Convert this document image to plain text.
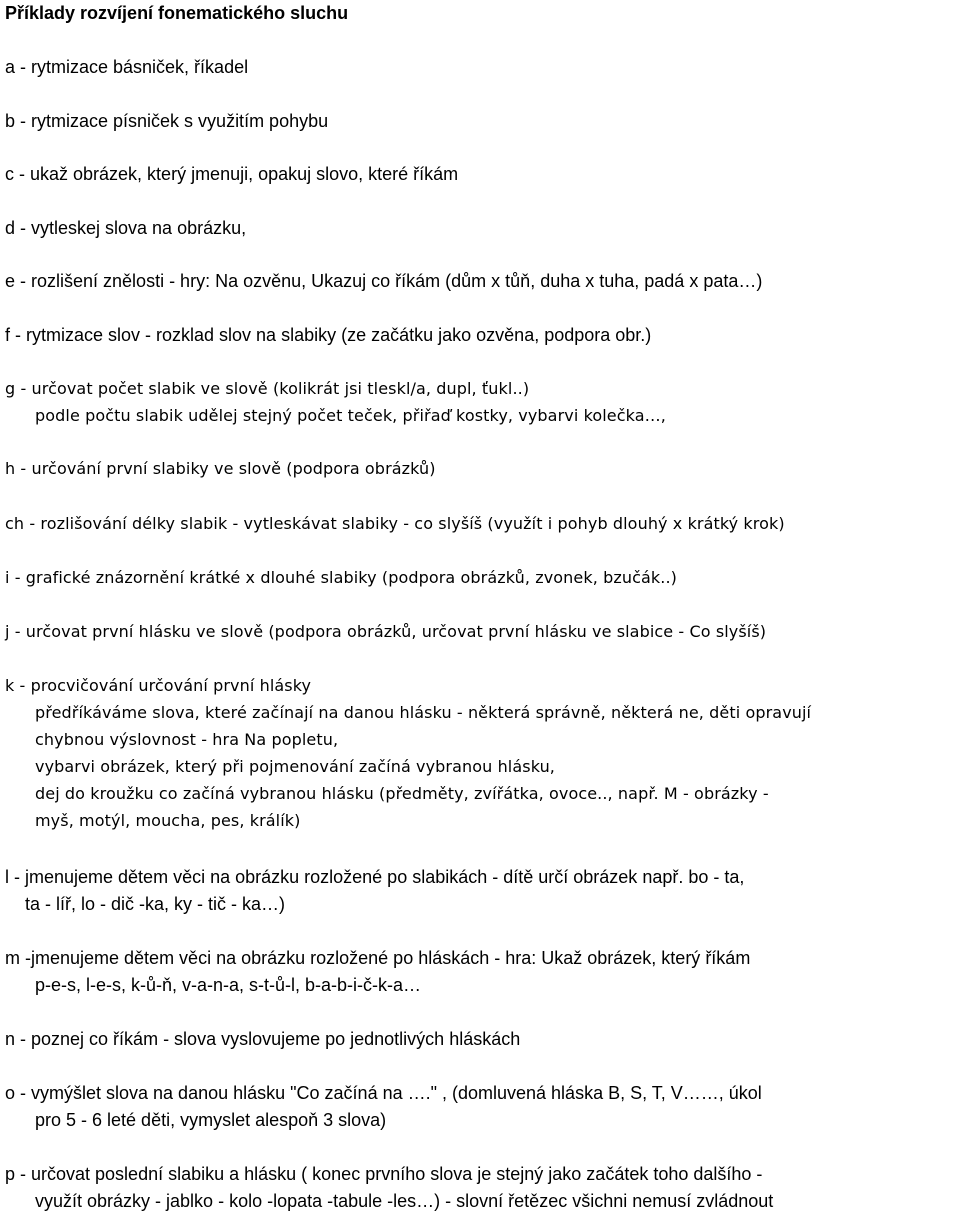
Příklady rozvíjení fonematického sluchu
a - rytmizace básniček, říkadel
b - rytmizace písniček s využitím pohybu
c - ukaž obrázek, který jmenuji, opakuj slovo, které říkám
d - vytleskej slova na obrázku,
e - rozlišení znělosti - hry: Na ozvěnu, Ukazuj co říkám (dům x tůň, duha x tuha, padá x pata…)
f - rytmizace slov - rozklad slov na slabiky (ze začátku jako ozvěna, podpora obr.)
g - určovat počet slabik ve slově (kolikrát jsi tleskl/a, dupl, ťukl..)
podle počtu slabik udělej stejný počet teček, přiřaď kostky, vybarvi kolečka…,
h - určování první slabiky ve slově (podpora obrázků)
ch - rozlišování délky slabik - vytleskávat slabiky - co slyšíš (využít i pohyb dlouhý x krátký krok)
i - grafické znázornění krátké x dlouhé slabiky (podpora obrázků, zvonek, bzučák..)
j - určovat první hlásku ve slově (podpora obrázků, určovat první hlásku ve slabice - Co slyšíš)
k - procvičování určování první hlásky
předříkáváme slova, které začínají na danou hlásku - některá správně, některá ne, děti opravují
chybnou výslovnost - hra Na popletu,
vybarvi obrázek, který při pojmenování začíná vybranou hlásku,
dej do kroužku co začíná vybranou hlásku (předměty, zvířátka, ovoce.., např. M - obrázky -
myš, motýl, moucha, pes, králík)
l - jmenujeme dětem věci na obrázku rozložené po slabikách - dítě určí obrázek např. bo - ta,
ta - líř, lo - dič -ka, ky - tič - ka…)
m -jmenujeme dětem věci na obrázku rozložené po hláskách - hra: Ukaž obrázek, který říkám
p-e-s, l-e-s, k-ů-ň, v-a-n-a, s-t-ů-l, b-a-b-i-č-k-a…
n - poznej co říkám - slova vyslovujeme po jednotlivých hláskách
o - vymýšlet slova na danou hlásku "Co začíná na …." , (domluvená hláska B, S, T, V……, úkol
pro 5 - 6 leté děti, vymyslet alespoň 3 slova)
p - určovat poslední slabiku a hlásku ( konec prvního slova je stejný jako začátek toho dalšího -
využít obrázky - jablko - kolo -lopata -tabule -les…) - slovní řetězec všichni nemusí zvládnout
